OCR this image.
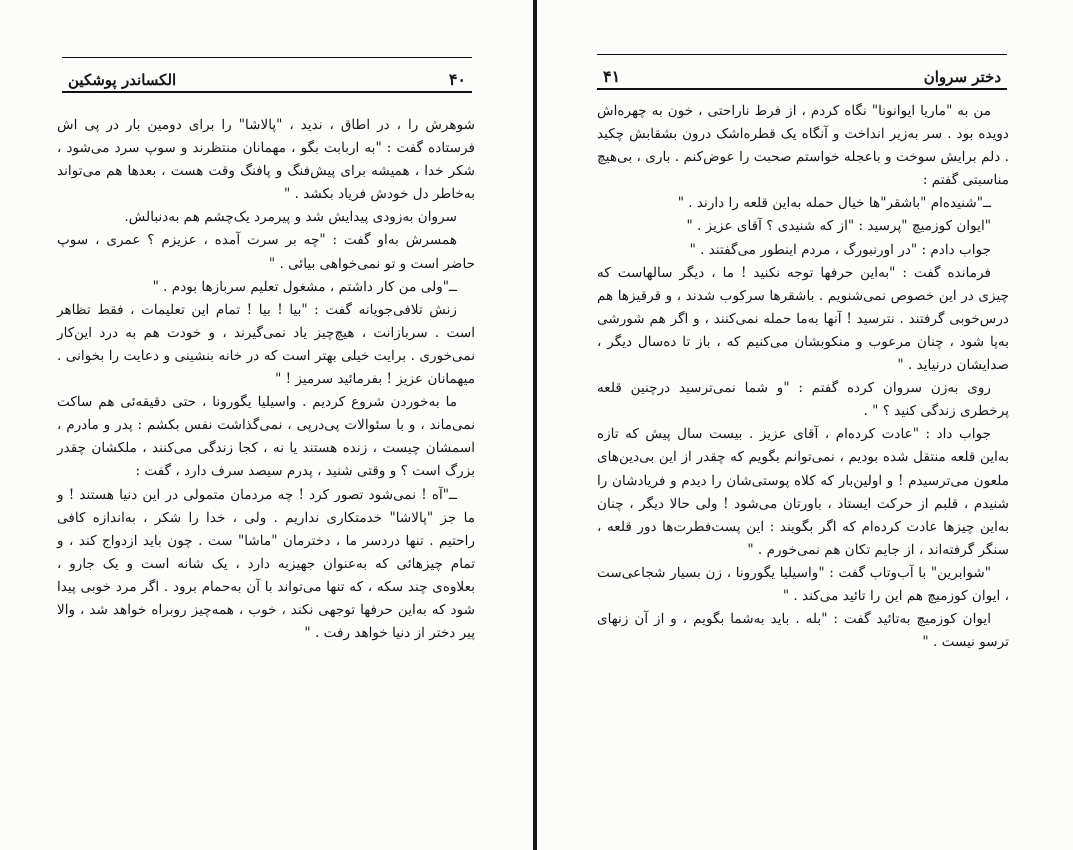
۴۰
الکساندر پوشکین

شوهرش را ، در اطاق ، ندید ، "پالاشا" را برای دومین بار در پی اش فرستاده گفت : "به اربابت بگو ، مهمانان منتظرند و سوپ سرد می‌شود ، شکر خدا ، همیشه برای پیش‌فنگ و پافنگ وقت هست ، بعدها هم می‌تواند به‌خاطر دل خودش فریاد بکشد . "

سروان به‌زودی پیدایش شد و پیرمرد یک‌چشم هم به‌دنبالش.

همسرش به‌او گفت : "چه بر سرت آمده ، عزیزم ؟ عمری ، سوپ حاضر است و تو نمی‌خواهی بیائی . "

ــ"ولی من کار داشتم ، مشغول تعلیم سربازها بودم . "

زنش تلافی‌جویانه گفت : "بیا ! بیا ! تمام این تعلیمات ، فقط تظاهر است . سربازانت ، هیچ‌چیز یاد نمی‌گیرند ، و خودت هم به درد این‌کار نمی‌خوری . برایت خیلی بهتر است که در خانه بنشینی و دعایت را بخوانی . میهمانان عزیز ! بفرمائید سرمیز ! "

ما به‌خوردن شروع کردیم . واسیلیا یگورونا ، حتی دقیقه‌ئی هم ساکت نمی‌ماند ، و با سئوالات پی‌درپی ، نمی‌گذاشت نفس بکشم : پدر و مادرم ، اسمشان چیست ، زنده هستند یا نه ، کجا زندگی می‌کنند ، ملکشان چقدر بزرگ است ؟ و وقتی شنید ، پدرم سیصد سرف دارد ، گفت :

ــ"آه ! نمی‌شود تصور کرد ! چه مردمان متمولی در این دنیا هستند ! و ما جز "پالاشا" خدمتکاری نداریم . ولی ، خدا را شکر ، به‌اندازه کافی راحتیم . تنها دردسر ما ، دخترمان "ماشا" ست . چون باید ازدواج کند ، و تمام چیزهائی که به‌عنوان جهیزیه دارد ، یک شانه است و یک جارو ، بعلاوه‌ی چند سکه ، که تنها می‌تواند با آن به‌حمام برود . اگر مرد خوبی پیدا شود که به‌این حرفها توجهی نکند ، خوب ، همه‌چیز روبراه خواهد شد ، والا پیر دختر از دنیا خواهد رفت . "

دختر سروان
۴۱

من به "ماریا ایوانونا" نگاه کردم ، از فرط ناراحتی ، خون به چهره‌اش دویده بود . سر به‌زیر انداخت و آنگاه یک قطره‌اشک درون بشقابش چکید . دلم برایش سوخت و باعجله خواستم صحبت را عوض‌کنم . باری ، بی‌هیچ مناسبتی گفتم :

ــ"شنیده‌ام "باشقر"ها خیال حمله به‌این قلعه را دارند . "

"ایوان کوزمیچ "پرسید : "از که شنیدی ؟ آقای عزیز . "

جواب دادم : "در اورنبورگ ، مردم اینطور می‌گفتند . "

فرمانده گفت : "به‌این حرفها توجه نکنید ! ما ، دیگر سالهاست که چیزی در این خصوص نمی‌شنویم . باشقرها سرکوب شدند ، و قرقیزها هم درس‌خوبی گرفتند . نترسید ! آنها به‌ما حمله نمی‌کنند ، و اگر هم شورشی به‌پا شود ، چنان مرعوب و منکوبشان می‌کنیم که ، باز تا ده‌سال دیگر ، صدایشان درنیاید . "

روی به‌زن سروان کرده گفتم : "و شما نمی‌ترسید درچنین قلعه پرخطری زندگی کنید ؟ " .

جواب داد : "عادت کرده‌ام ، آقای عزیز . بیست سال پیش که تازه به‌این قلعه منتقل شده بودیم ، نمی‌توانم بگویم که چقدر از این بی‌دین‌های ملعون می‌ترسیدم ! و اولین‌بار که کلاه پوستی‌شان را دیدم و فریادشان را شنیدم ، قلبم از حرکت ایستاد ، باورتان می‌شود ! ولی حالا دیگر ، چنان به‌این چیزها عادت کرده‌ام که اگر بگویند : این پست‌فطرت‌ها دور قلعه ، سنگر گرفته‌اند ، از جایم تکان هم نمی‌خورم . "

"شوابرین" با آب‌وتاب گفت : "واسیلیا یگورونا ، زن بسیار شجاعی‌ست ، ایوان کوزمیچ هم این را تائید می‌کند . "

ایوان کوزمیچ به‌تائید گفت : "بله . باید به‌شما بگویم ، و از آن زنهای ترسو نیست . "
